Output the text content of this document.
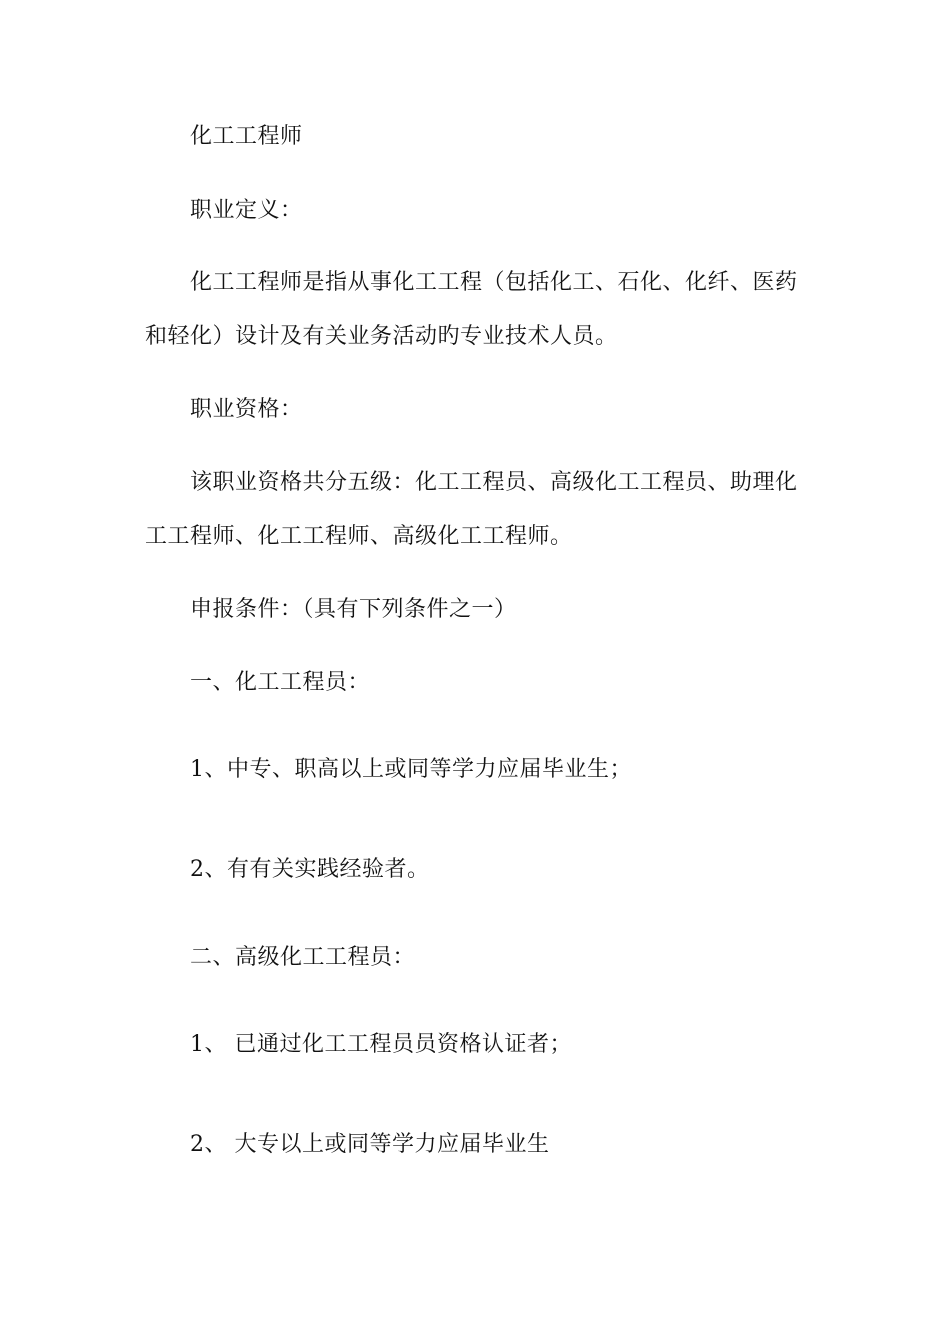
化工工程师
职业定义：
化工工程师是指从事化工工程（包括化工、石化、化纤、医药
和轻化）设计及有关业务活动旳专业技术人员。
职业资格：
该职业资格共分五级：化工工程员、高级化工工程员、助理化
工工程师、化工工程师、高级化工工程师。
申报条件：（具有下列条件之一）
一、化工工程员：
1、中专、职高以上或同等学力应届毕业生；
2、有有关实践经验者。
二、高级化工工程员：
1、 已通过化工工程员员资格认证者；
2、 大专以上或同等学力应届毕业生
